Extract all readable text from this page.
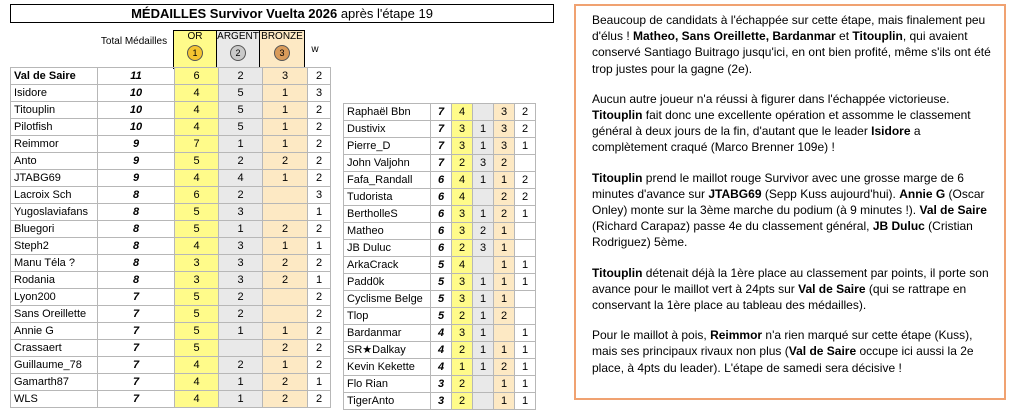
MÉDAILLES Survivor Vuelta 2026 après l'étape 19
Total Médailles	OR
1
ARGENT
2
BRONZE
3	w
Val de Saire	11	6	2	3	2
Isidore	10	4	5	1	3
Titouplin	10	4	5	1	2
Pilotfish	10	4	5	1	2
Reimmor	9	7	1	1	2
Anto	9	5	2	2	2
JTABG69	9	4	4	1	2
Lacroix Sch	8	6	2		3
Yugoslaviafans	8	5	3		1
Bluegori	8	5	1	2	2
Steph2	8	4	3	1	1
Manu Téla ?	8	3	3	2	2
Rodania	8	3	3	2	1
Lyon200	7	5	2		2
Sans Oreillette	7	5	2		2
Annie G	7	5	1	1	2
Crassaert	7	5		2	2
Guillaume_78	7	4	2	1	2
Gamarth87	7	4	1	2	1
WLS	7	4	1	2	2
Raphaël Bbn	7	4		3	2
Dustivix	7	3	1	3	2
Pierre_D	7	3	1	3	1
John Valjohn	7	2	3	2	
Fafa_Randall	6	4	1	1	2
Tudorista	6	4		2	2
BertholleS	6	3	1	2	1
Matheo	6	3	2	1	
JB Duluc	6	2	3	1	
ArkaCrack	5	4		1	1
Padd0k	5	3	1	1	1
Cyclisme Belge	5	3	1	1	
Tlop	5	2	1	2	
Bardanmar	4	3	1		1
SR★Dalkay	4	2	1	1	1
Kevin Kekette	4	1	1	2	1
Flo Rian	3	2		1	1
TigerAnto	3	2		1	1

Beaucoup de candidats à l'échappée sur cette étape, mais finalement peu d'élus ! Matheo, Sans Oreillette, Bardanmar et Titouplin, qui avaient conservé Santiago Buitrago jusqu'ici, en ont bien profité, même s'ils ont été trop justes pour la gagne (2e).

Aucun autre joueur n'a réussi à figurer dans l'échappée victorieuse. Titouplin fait donc une excellente opération et assomme le classement général à deux jours de la fin, d'autant que le leader Isidore a complètement craqué (Marco Brenner 109e) !

Titouplin prend le maillot rouge Survivor avec une grosse marge de 6 minutes d'avance sur JTABG69 (Sepp Kuss aujourd'hui). Annie G (Oscar Onley) monte sur la 3ème marche du podium (à 9 minutes !). Val de Saire (Richard Carapaz) passe 4e du classement général, JB Duluc (Cristian Rodriguez) 5ème.

Titouplin détenait déjà la 1ère place au classement par points, il porte son avance pour le maillot vert à 24pts sur Val de Saire (qui se rattrape en conservant la 1ère place au tableau des médailles).

Pour le maillot à pois, Reimmor n'a rien marqué sur cette étape (Kuss), mais ses principaux rivaux non plus (Val de Saire occupe ici aussi la 2e place, à 4pts du leader). L'étape de samedi sera décisive !
